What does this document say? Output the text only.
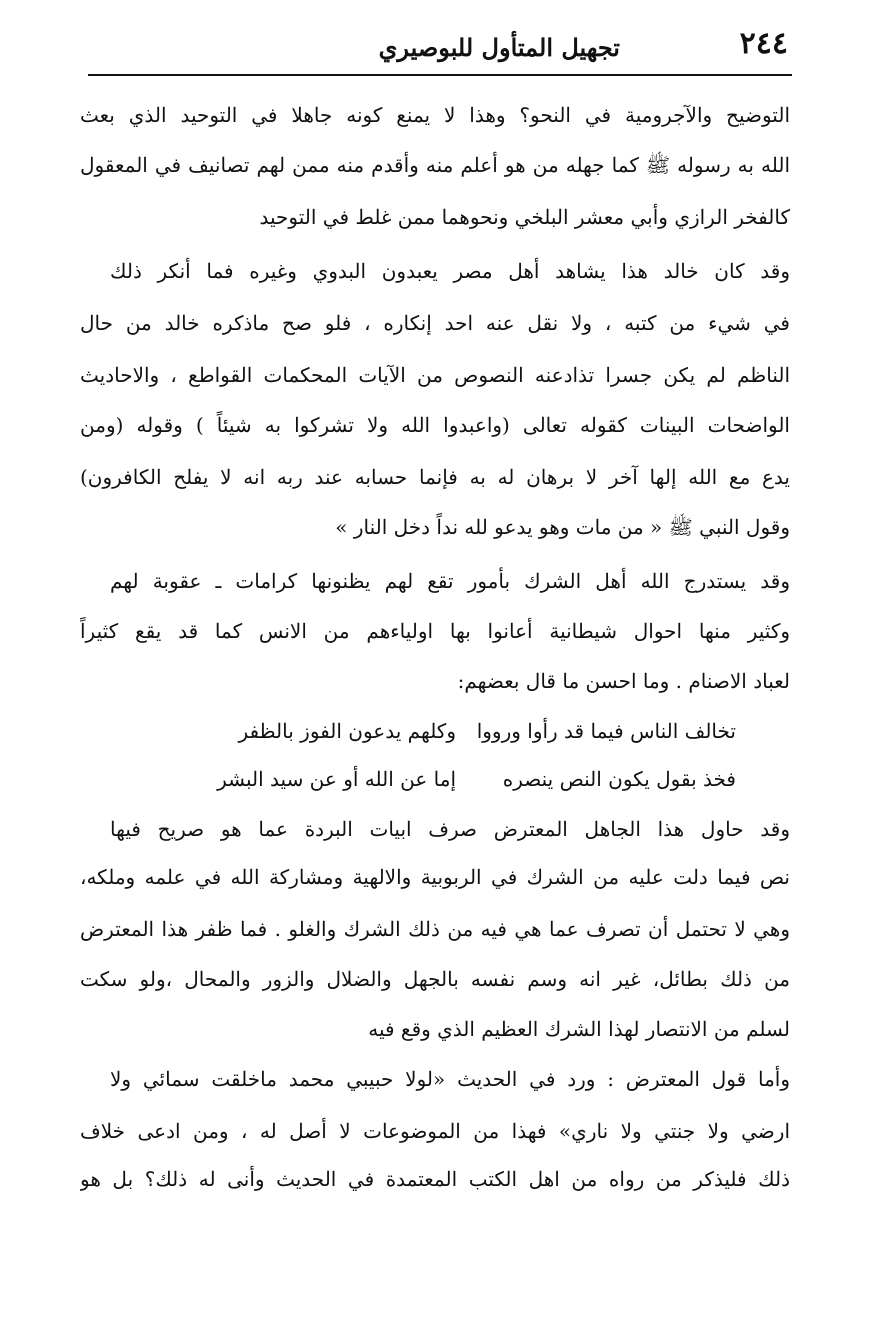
٢٤٤
تجهيل المتأول للبوصيري
التوضيح والآجرومية في النحو؟ وهذا لا يمنع كونه جاهلا في التوحيد الذي بعث
الله به رسوله ﷺ كما جهله من هو أعلم منه وأقدم منه ممن لهم تصانيف في المعقول
كالفخر الرازي وأبي معشر البلخي ونحوهما ممن غلط في التوحيد
وقد كان خالد هذا يشاهد أهل مصر يعبدون البدوي وغيره فما أنكر ذلك
في شيء من كتبه ، ولا نقل عنه احد إنكاره ، فلو صح ماذكره خالد من حال
الناظم لم يكن جسرا تذادعنه النصوص من الآيات المحكمات القواطع ، والاحاديث
الواضحات البينات كقوله تعالى (واعبدوا الله ولا تشركوا به شيئاً ) وقوله (ومن
يدع مع الله إلها آخر لا برهان له به فإنما حسابه عند ربه انه لا يفلح الكافرون)
وقول النبي ﷺ « من مات وهو يدعو لله نداً دخل النار »
وقد يستدرج الله أهل الشرك بأمور تقع لهم يظنونها كرامات ـ عقوبة لهم
وكثير منها احوال شيطانية أعانوا بها اولياءهم من الانس كما قد يقع كثيراً
لعباد الاصنام . وما احسن ما قال بعضهم:
تخالف الناس فيما قد رأوا ورووا
وكلهم يدعون الفوز بالظفر
فخذ بقول يكون النص ينصره
إما عن الله أو عن سيد البشر
وقد حاول هذا الجاهل المعترض صرف ابيات البردة عما هو صريح فيها
نص فيما دلت عليه من الشرك في الربوبية والالهية ومشاركة الله في علمه وملكه،
وهي لا تحتمل أن تصرف عما هي فيه من ذلك الشرك والغلو . فما ظفر هذا المعترض
من ذلك بطائل، غير انه وسم نفسه بالجهل والضلال والزور والمحال ،ولو سكت
لسلم من الانتصار لهذا الشرك العظيم الذي وقع فيه
وأما قول المعترض : ورد في الحديث «لولا حبيبي محمد ماخلقت سمائي ولا
ارضي ولا جنتي ولا ناري» فهذا من الموضوعات لا أصل له ، ومن ادعى خلاف
ذلك فليذكر من رواه من اهل الكتب المعتمدة في الحديث وأنى له ذلك؟ بل هو
